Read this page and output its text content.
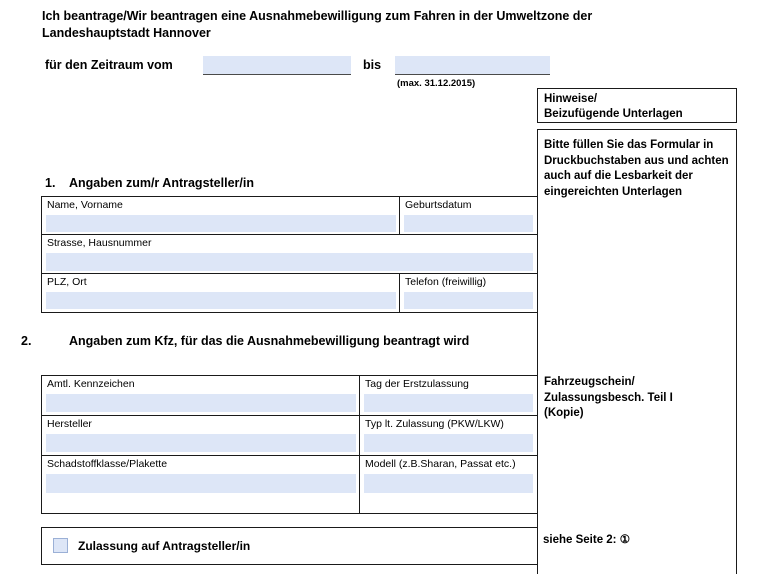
Ich beantrage/Wir beantragen eine Ausnahmebewilligung zum Fahren in der Umweltzone der Landeshauptstadt Hannover
für den Zeitraum vom	bis
(max. 31.12.2015)
Hinweise/
Beizufügende Unterlagen
Bitte füllen Sie das Formular in Druckbuchstaben aus und achten auch auf die Lesbarkeit der eingereichten Unterlagen
Fahrzeugschein/
Zulassungsbesch. Teil I
(Kopie)
1. Angaben zum/r Antragsteller/in
Name, Vorname	Geburtsdatum
Strasse, Hausnummer
PLZ, Ort	Telefon (freiwillig)
2.	Angaben zum Kfz, für das die Ausnahmebewilligung beantragt wird
Amtl. Kennzeichen	Tag der Erstzulassung
Hersteller	Typ lt. Zulassung (PKW/LKW)
Schadstoffklasse/Plakette	Modell (z.B.Sharan, Passat etc.)
Zulassung auf Antragsteller/in	siehe Seite 2: ①
